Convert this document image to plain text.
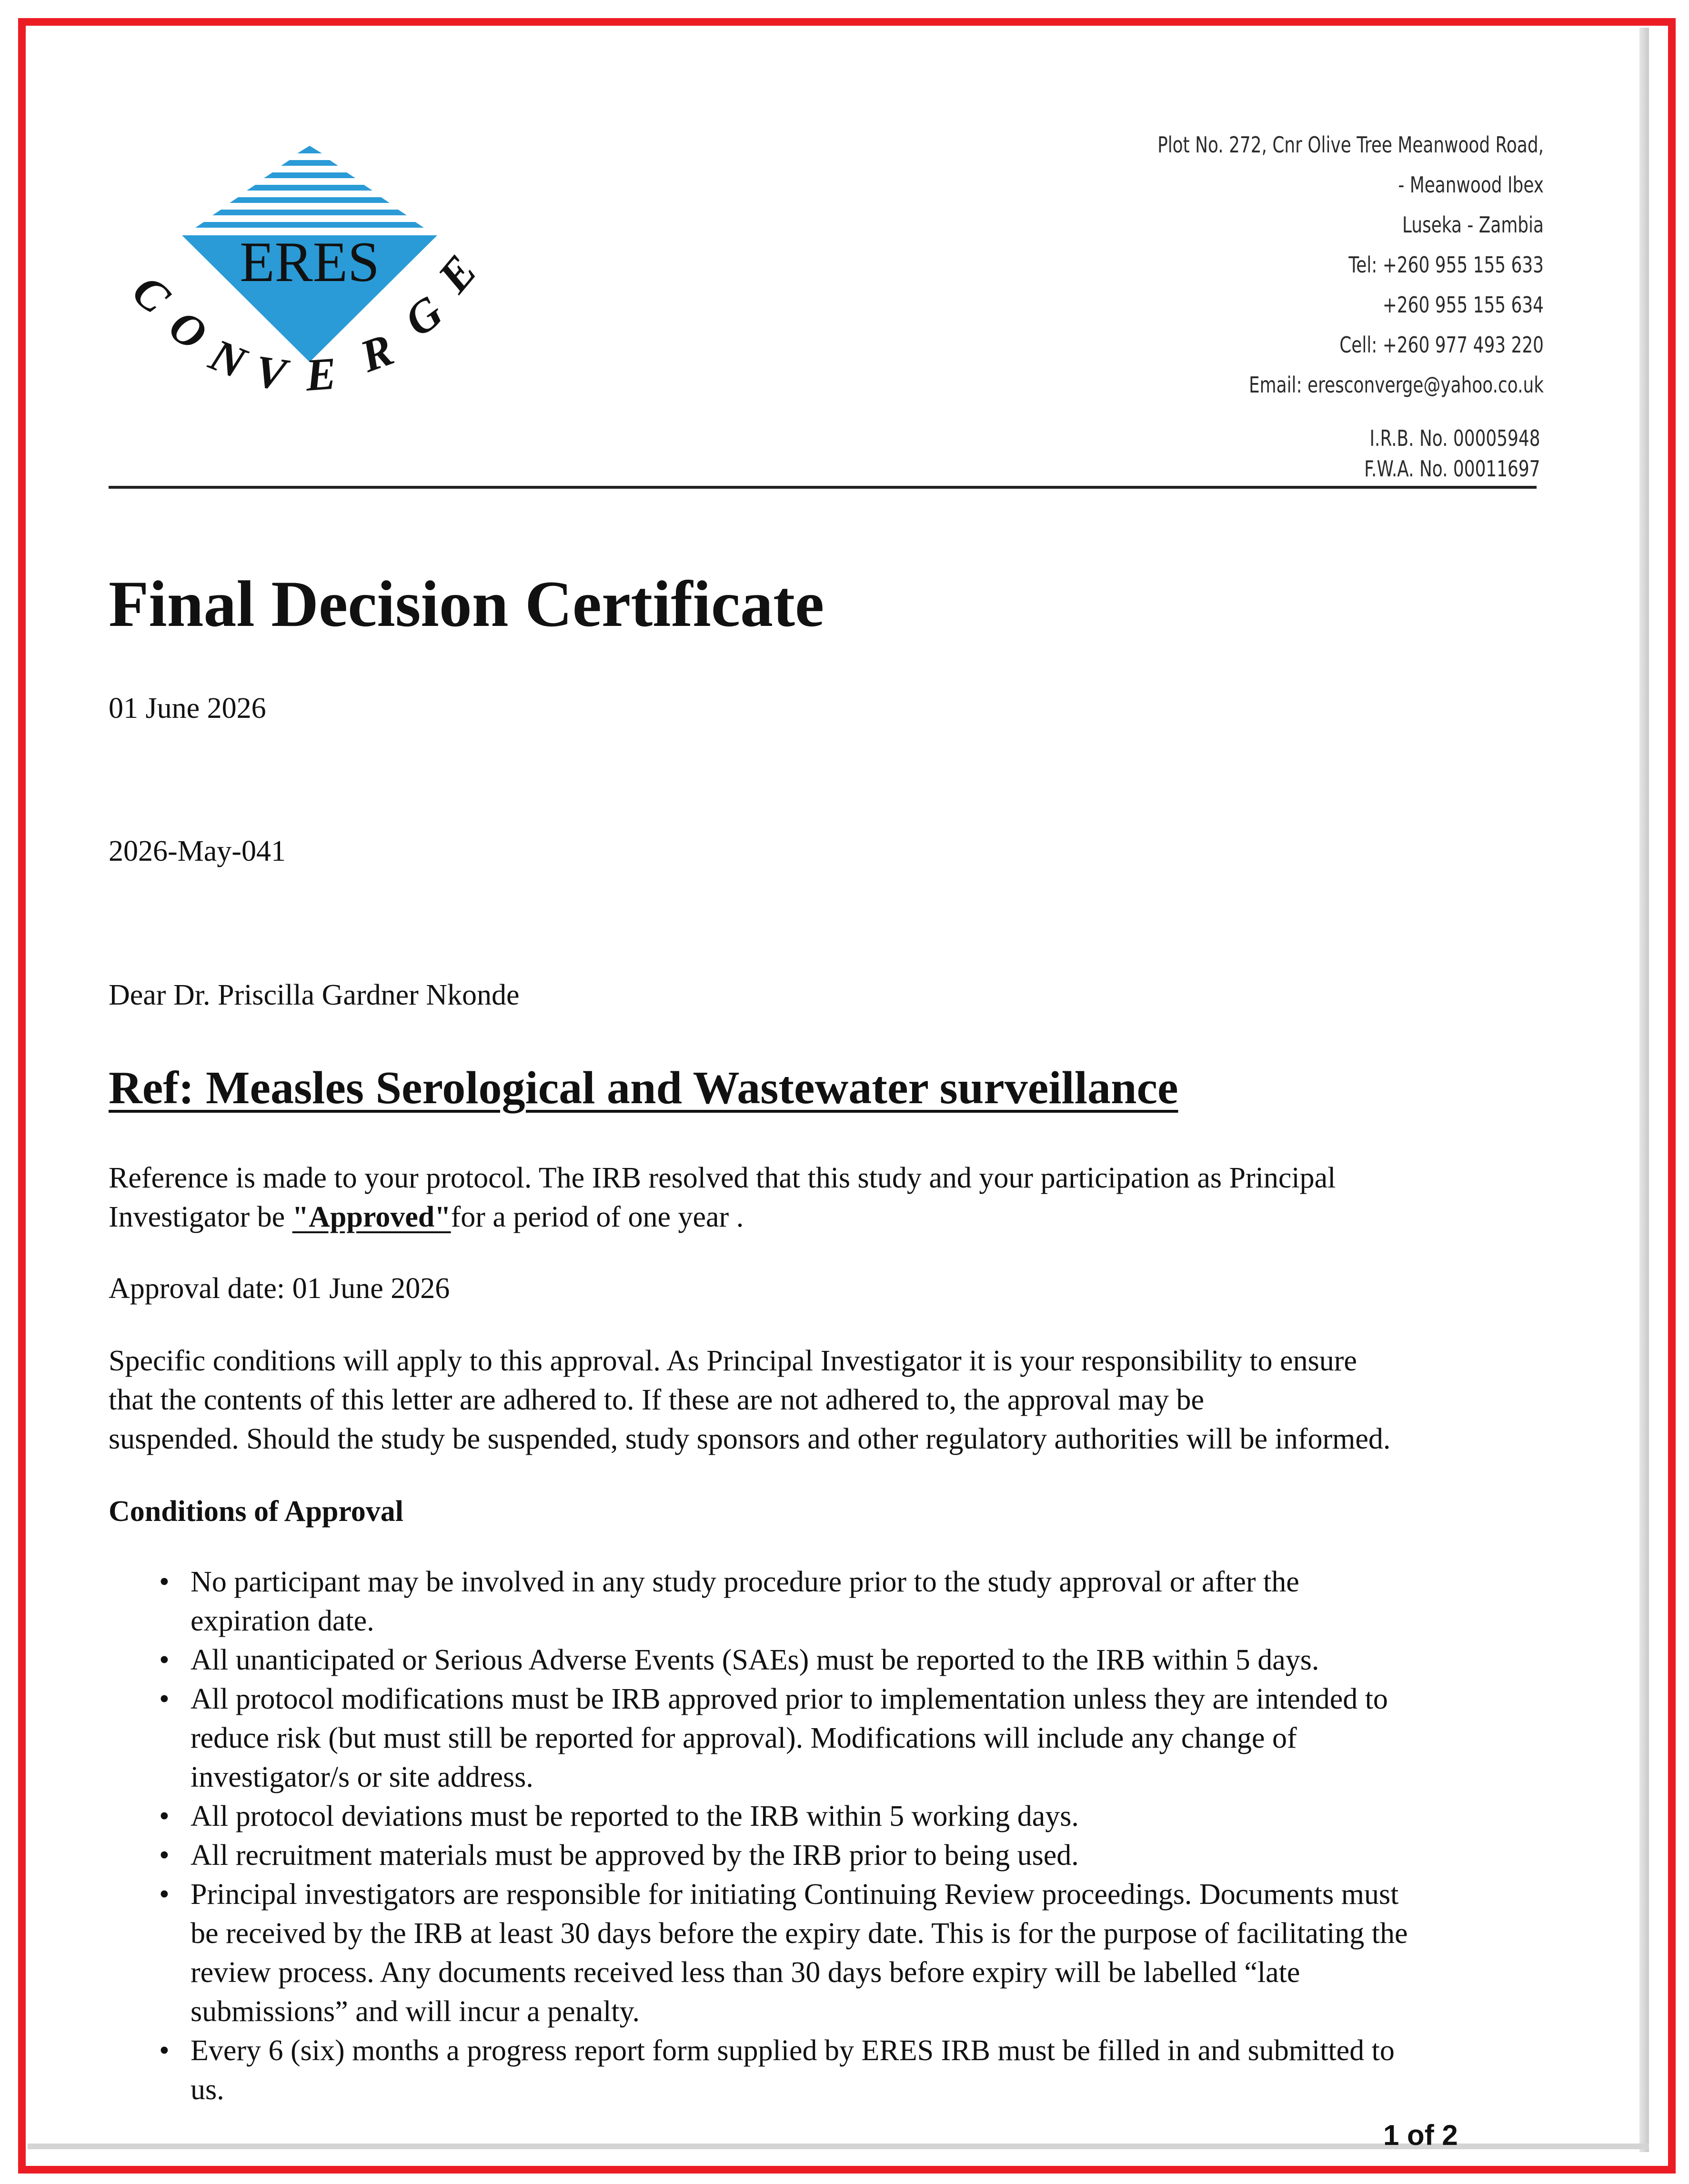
ERES
C
O
N
V E R
G
E
Plot No. 272, Cnr Olive Tree Meanwood Road,
- Meanwood Ibex
Luseka - Zambia
Tel: +260 955 155 633
+260 955 155 634
Cell: +260 977 493 220
Email: eresconverge@yahoo.co.uk
I.R.B. No. 00005948
F.W.A. No. 00011697
Final Decision Certificate
01 June 2026
2026-May-041
Dear Dr. Priscilla Gardner Nkonde
Ref: Measles Serological and Wastewater surveillance
Reference is made to your protocol. The IRB resolved that this study and your participation as Principal
Investigator be "Approved"for a period of one year .
Approval date: 01 June 2026
Specific conditions will apply to this approval. As Principal Investigator it is your responsibility to ensure
that the contents of this letter are adhered to. If these are not adhered to, the approval may be
suspended. Should the study be suspended, study sponsors and other regulatory authorities will be informed.
Conditions of Approval
• No participant may be involved in any study procedure prior to the study approval or after the
expiration date.
• All unanticipated or Serious Adverse Events (SAEs) must be reported to the IRB within 5 days.
• All protocol modifications must be IRB approved prior to implementation unless they are intended to
reduce risk (but must still be reported for approval). Modifications will include any change of
investigator/s or site address.
• All protocol deviations must be reported to the IRB within 5 working days.
• All recruitment materials must be approved by the IRB prior to being used.
• Principal investigators are responsible for initiating Continuing Review proceedings. Documents must
be received by the IRB at least 30 days before the expiry date. This is for the purpose of facilitating the
review process. Any documents received less than 30 days before expiry will be labelled “late
submissions” and will incur a penalty.
• Every 6 (six) months a progress report form supplied by ERES IRB must be filled in and submitted to
us.
1 of 2
